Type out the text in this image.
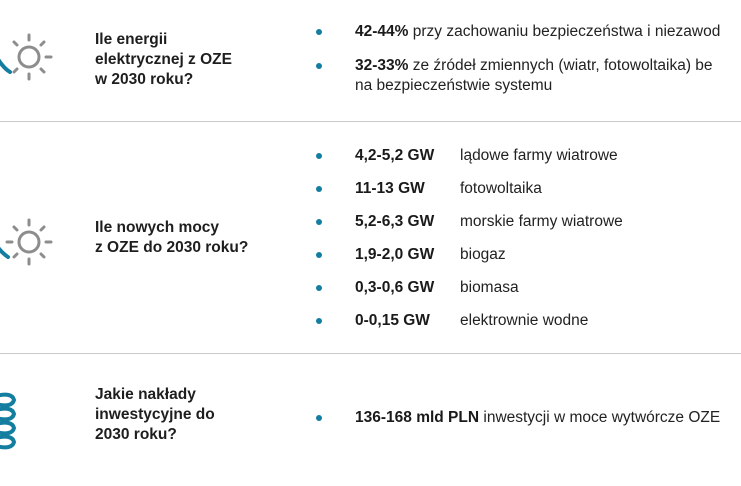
Ile energii
elektrycznej z OZE
w 2030 roku?
42-44% przy zachowaniu bezpieczeństwa i niezawod
32-33% ze źródeł zmiennych (wiatr, fotowoltaika) be
na bezpieczeństwie systemu
Ile nowych mocy
z OZE do 2030 roku?
4,2-5,2 GW lądowe farmy wiatrowe
11-13 GW fotowoltaika
5,2-6,3 GW morskie farmy wiatrowe
1,9-2,0 GW biogaz
0,3-0,6 GW biomasa
0-0,15 GW elektrownie wodne
Jakie nakłady
inwestycyjne do
2030 roku?
136-168 mld PLN inwestycji w moce wytwórcze OZE
